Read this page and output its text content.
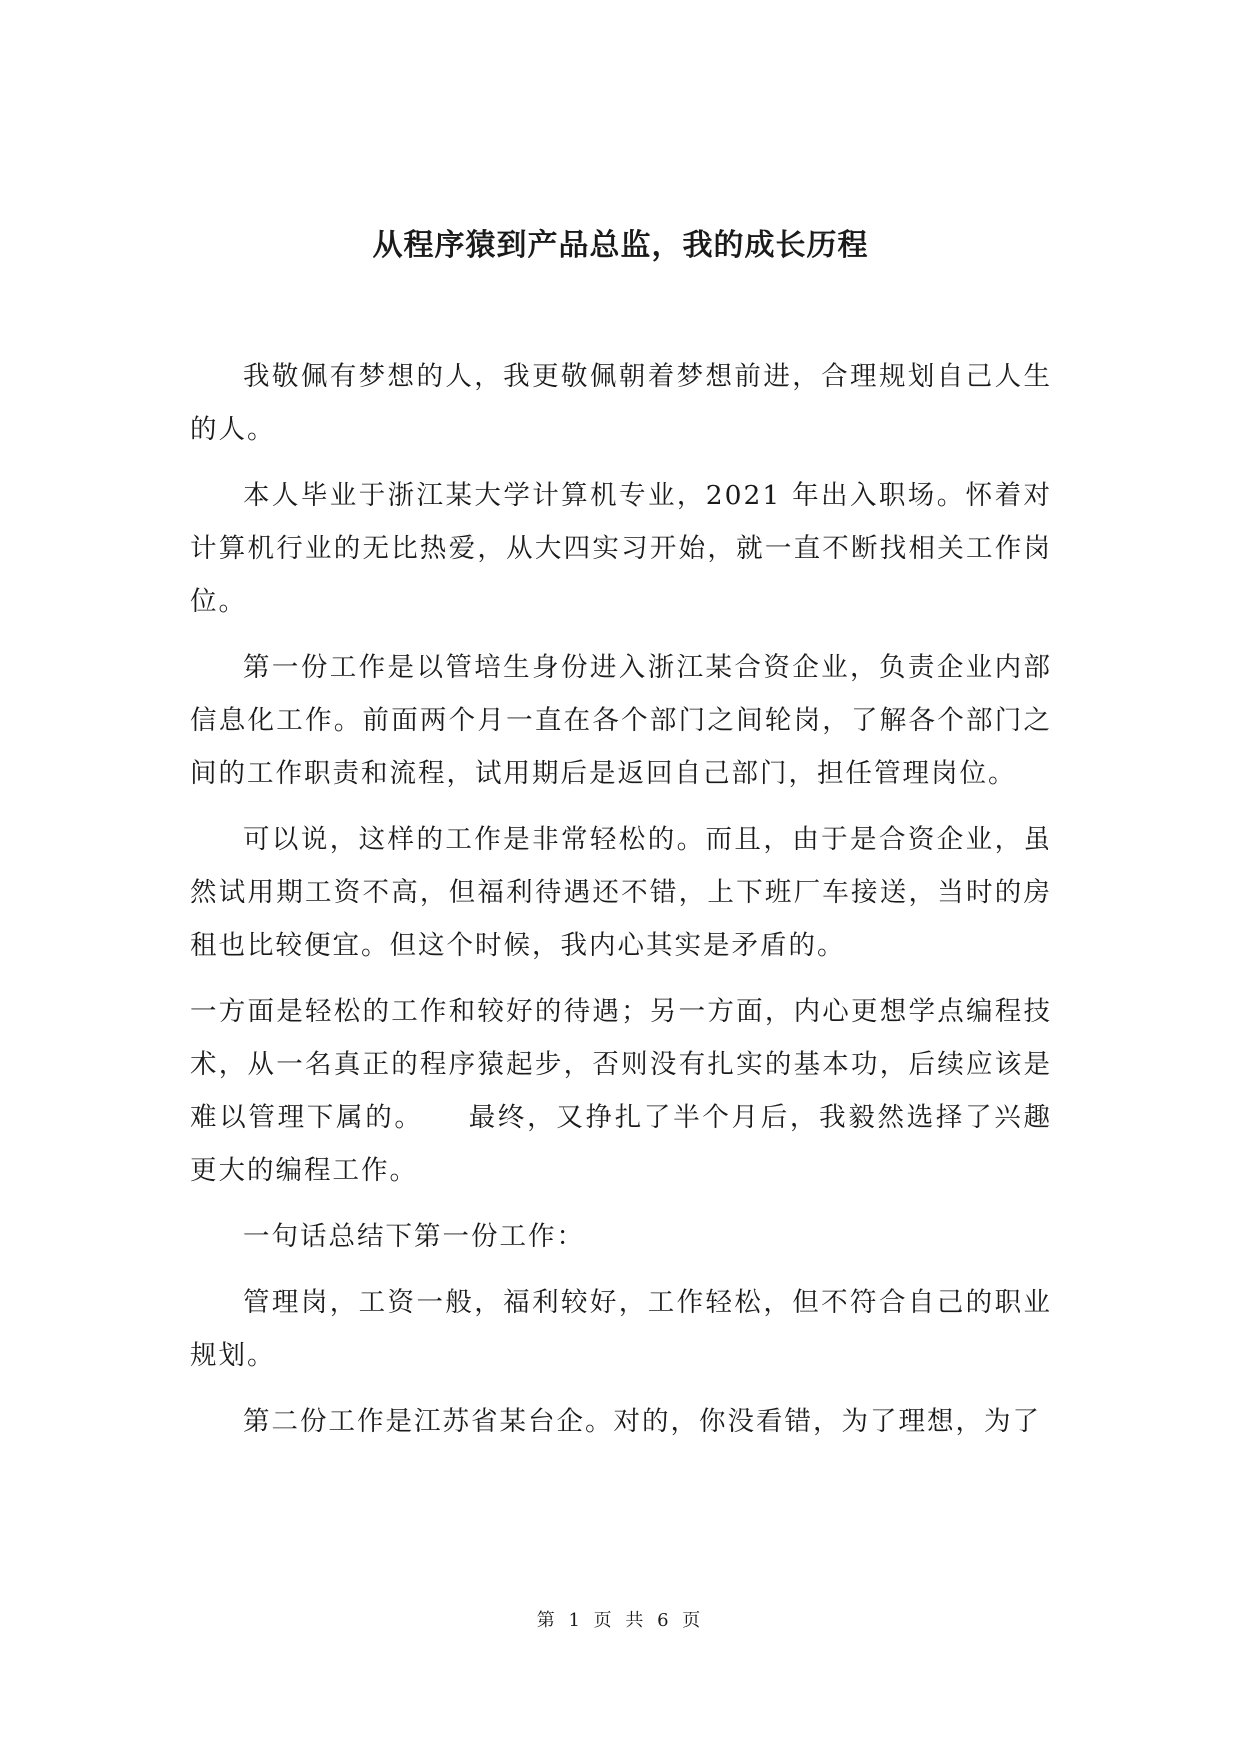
从程序猿到产品总监，我的成长历程

我敬佩有梦想的人，我更敬佩朝着梦想前进，合理规划自己人生的人。

本人毕业于浙江某大学计算机专业，2021 年出入职场。怀着对计算机行业的无比热爱，从大四实习开始，就一直不断找相关工作岗位。

第一份工作是以管培生身份进入浙江某合资企业，负责企业内部信息化工作。前面两个月一直在各个部门之间轮岗，了解各个部门之间的工作职责和流程，试用期后是返回自己部门，担任管理岗位。

可以说，这样的工作是非常轻松的。而且，由于是合资企业，虽然试用期工资不高，但福利待遇还不错，上下班厂车接送，当时的房租也比较便宜。但这个时候，我内心其实是矛盾的。

一方面是轻松的工作和较好的待遇；另一方面，内心更想学点编程技术，从一名真正的程序猿起步，否则没有扎实的基本功，后续应该是难以管理下属的。　　最终，又挣扎了半个月后，我毅然选择了兴趣更大的编程工作。

一句话总结下第一份工作：

管理岗，工资一般，福利较好，工作轻松，但不符合自己的职业规划。

第二份工作是江苏省某台企。对的，你没看错，为了理想，为了

第 1 页 共 6 页
